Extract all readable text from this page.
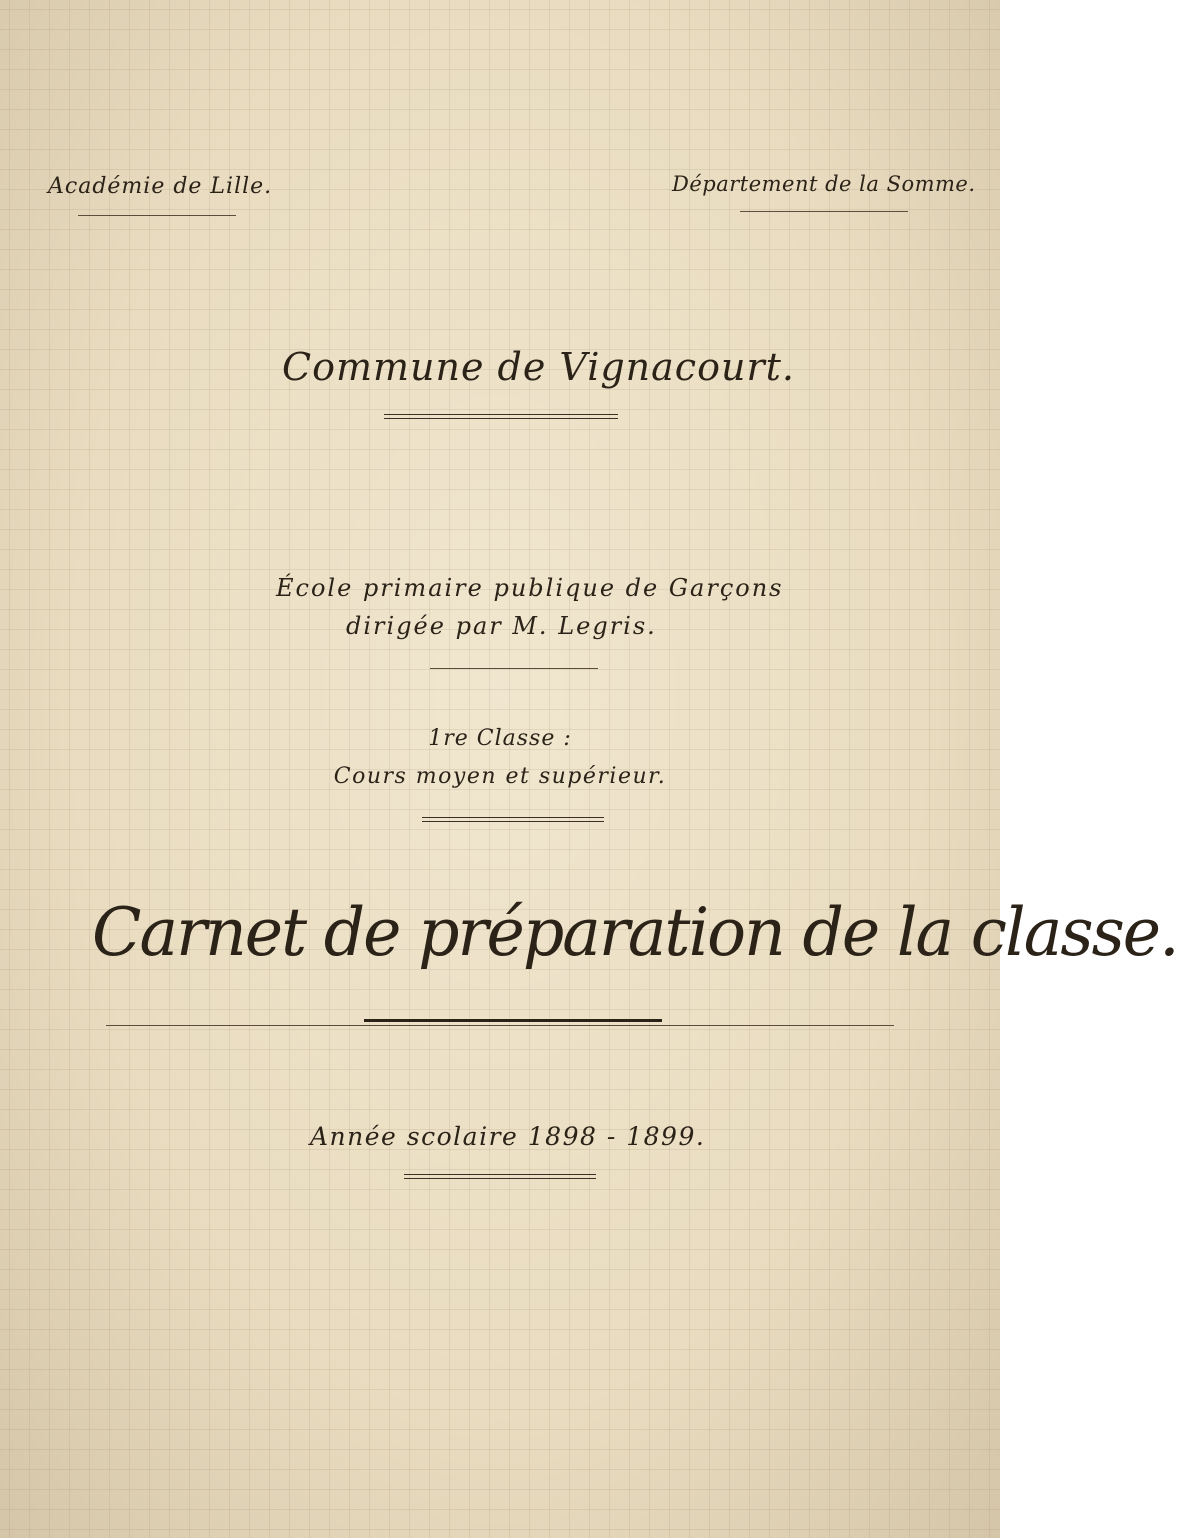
Académie de Lille.	Département de la Somme.
Commune de Vignacourt.
École primaire publique de Garçons
dirigée par M. Legris.
1re Classe :
Cours moyen et supérieur.
Carnet de préparation de la classe.
Année scolaire 1898 - 1899.
